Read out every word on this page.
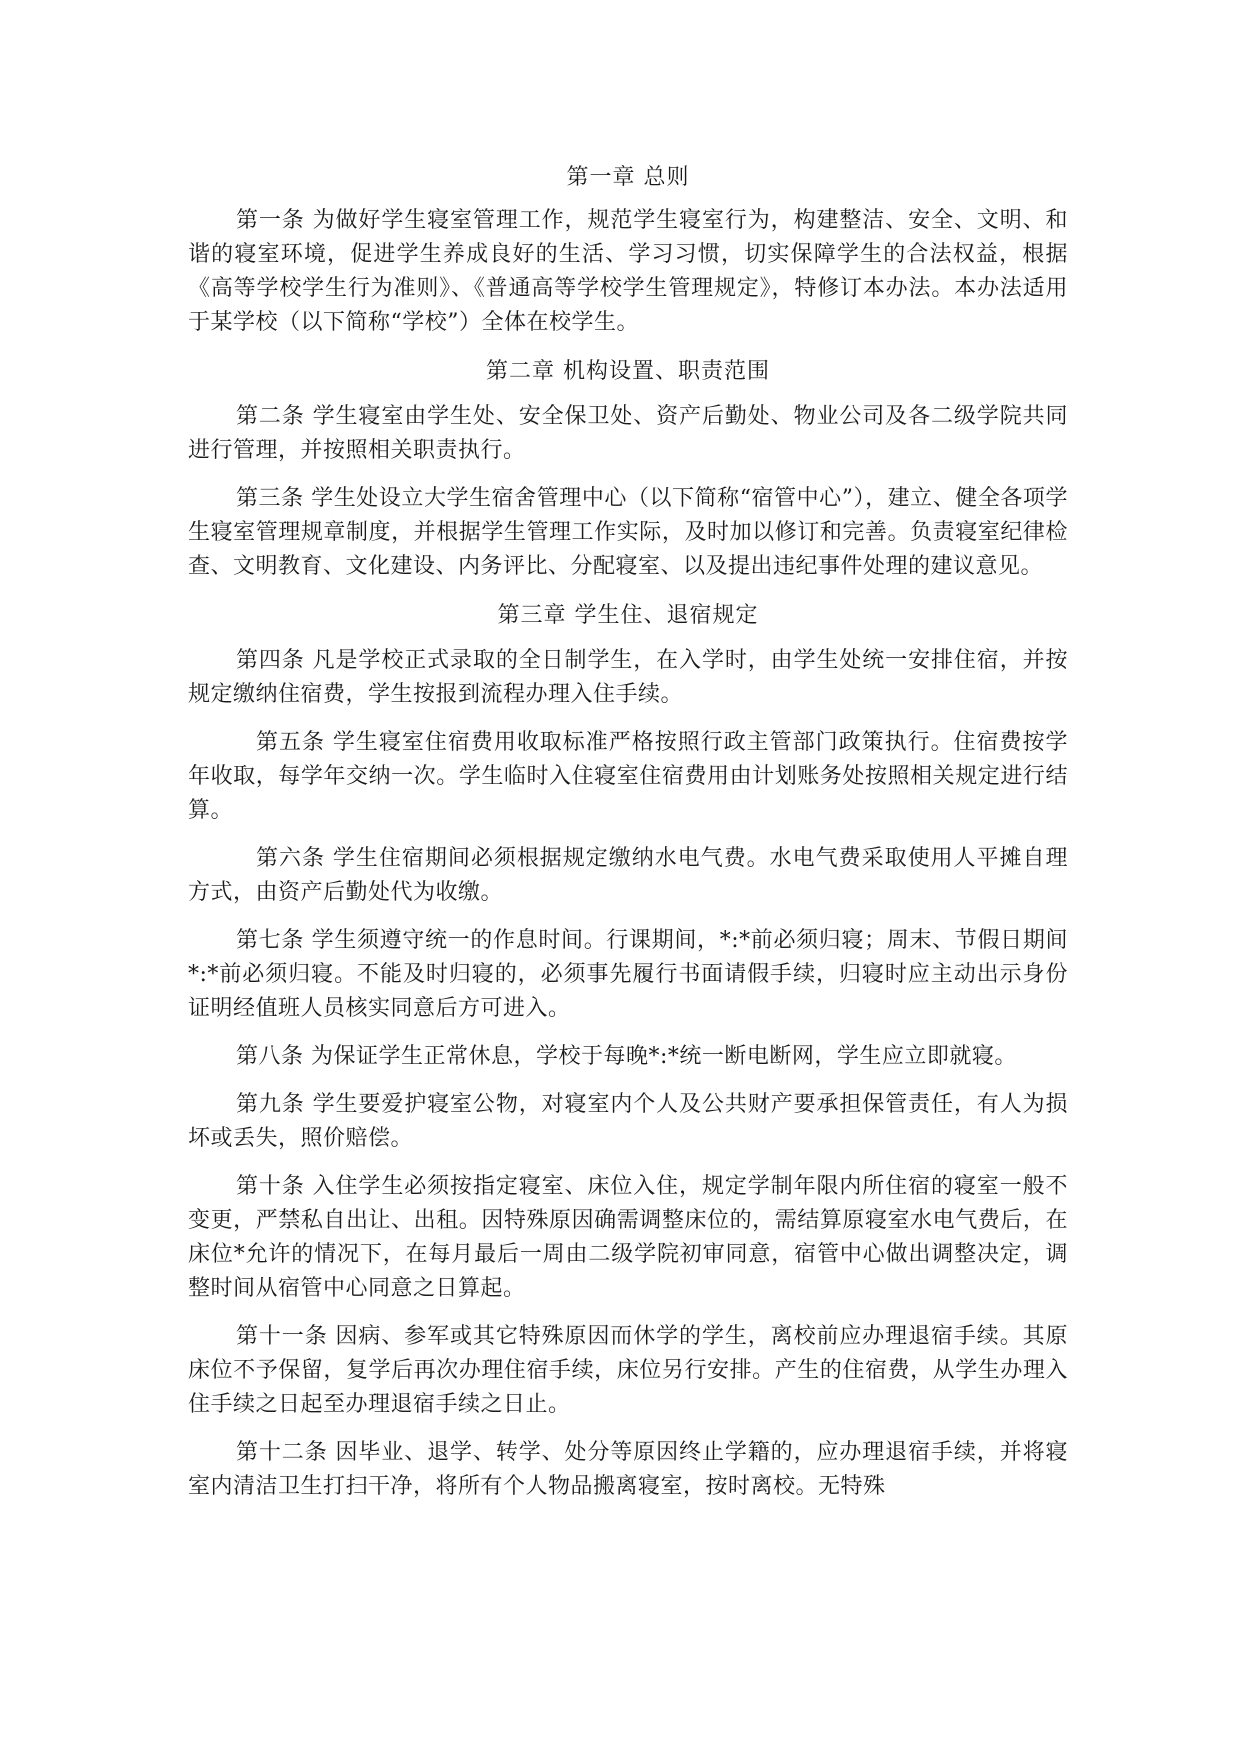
第一章 总则

第一条 为做好学生寝室管理工作，规范学生寝室行为，构建整洁、安全、文明、和谐的寝室环境，促进学生养成良好的生活、学习习惯，切实保障学生的合法权益，根据《高等学校学生行为准则》、《普通高等学校学生管理规定》，特修订本办法。本办法适用于某学校（以下简称“学校”）全体在校学生。

第二章 机构设置、职责范围

第二条 学生寝室由学生处、安全保卫处、资产后勤处、物业公司及各二级学院共同进行管理，并按照相关职责执行。

第三条 学生处设立大学生宿舍管理中心（以下简称“宿管中心”），建立、健全各项学生寝室管理规章制度，并根据学生管理工作实际，及时加以修订和完善。负责寝室纪律检查、文明教育、文化建设、内务评比、分配寝室、以及提出违纪事件处理的建议意见。

第三章 学生住、退宿规定

第四条 凡是学校正式录取的全日制学生，在入学时，由学生处统一安排住宿，并按规定缴纳住宿费，学生按报到流程办理入住手续。

第五条 学生寝室住宿费用收取标准严格按照行政主管部门政策执行。住宿费按学年收取，每学年交纳一次。学生临时入住寝室住宿费用由计划账务处按照相关规定进行结算。

第六条 学生住宿期间必须根据规定缴纳水电气费。水电气费采取使用人平摊自理方式，由资产后勤处代为收缴。

第七条 学生须遵守统一的作息时间。行课期间，*:*前必须归寝；周末、节假日期间*:*前必须归寝。不能及时归寝的，必须事先履行书面请假手续，归寝时应主动出示身份证明经值班人员核实同意后方可进入。

第八条 为保证学生正常休息，学校于每晚*:*统一断电断网，学生应立即就寝。

第九条 学生要爱护寝室公物，对寝室内个人及公共财产要承担保管责任，有人为损坏或丢失，照价赔偿。

第十条 入住学生必须按指定寝室、床位入住，规定学制年限内所住宿的寝室一般不变更，严禁私自出让、出租。因特殊原因确需调整床位的，需结算原寝室水电气费后，在床位*允许的情况下，在每月最后一周由二级学院初审同意，宿管中心做出调整决定，调整时间从宿管中心同意之日算起。

第十一条 因病、参军或其它特殊原因而休学的学生，离校前应办理退宿手续。其原床位不予保留，复学后再次办理住宿手续，床位另行安排。产生的住宿费，从学生办理入住手续之日起至办理退宿手续之日止。

第十二条 因毕业、退学、转学、处分等原因终止学籍的，应办理退宿手续，并将寝室内清洁卫生打扫干净，将所有个人物品搬离寝室，按时离校。无特殊
